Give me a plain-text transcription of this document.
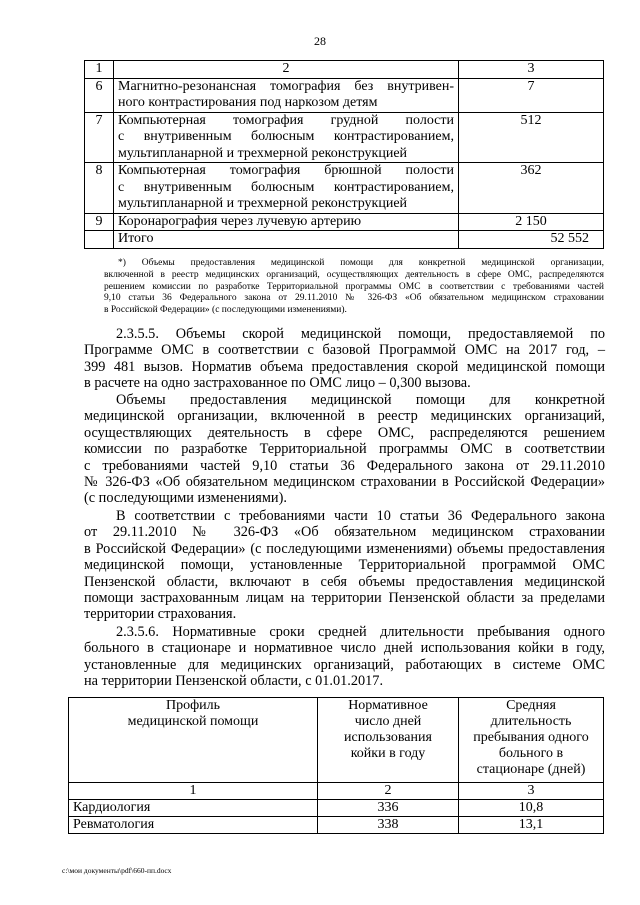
28
1	2	3
6	Магнитно-резонансная томография без внутривен-
ного контрастирования под наркозом детям	7
7	Компьютерная томография грудной полости
с внутривенным болюсным контрастированием,
мультипланарной и трехмерной реконструкцией	512
8	Компьютерная томография брюшной полости
с внутривенным болюсным контрастированием,
мультипланарной и трехмерной реконструкцией	362
9	Коронарография через лучевую артерию	2 150
	Итого	52 552
*) Объемы предоставления медицинской помощи для конкретной медицинской организации,
включенной в реестр медицинских организаций, осуществляющих деятельность в сфере ОМС, распределяются
решением комиссии по разработке Территориальной программы ОМС в соответствии с требованиями частей
9,10 статьи 36 Федерального закона от 29.11.2010 № 326-ФЗ «Об обязательном медицинском страховании
в Российской Федерации» (с последующими изменениями).
2.3.5.5. Объемы скорой медицинской помощи, предоставляемой по
Программе ОМС в соответствии с базовой Программой ОМС на 2017 год, –
399 481 вызов. Норматив объема предоставления скорой медицинской помощи
в расчете на одно застрахованное по ОМС лицо – 0,300 вызова.
Объемы предоставления медицинской помощи для конкретной
медицинской организации, включенной в реестр медицинских организаций,
осуществляющих деятельность в сфере ОМС, распределяются решением
комиссии по разработке Территориальной программы ОМС в соответствии
с требованиями частей 9,10 статьи 36 Федерального закона от 29.11.2010
№ 326-ФЗ «Об обязательном медицинском страховании в Российской Федерации»
(с последующими изменениями).
В соответствии с требованиями части 10 статьи 36 Федерального закона
от 29.11.2010 № 326-ФЗ «Об обязательном медицинском страховании
в Российской Федерации» (с последующими изменениями) объемы предоставления
медицинской помощи, установленные Территориальной программой ОМС
Пензенской области, включают в себя объемы предоставления медицинской
помощи застрахованным лицам на территории Пензенской области за пределами
территории страхования.
2.3.5.6. Нормативные сроки средней длительности пребывания одного
больного в стационаре и нормативное число дней использования койки в году,
установленные для медицинских организаций, работающих в системе ОМС
на территории Пензенской области, с 01.01.2017.
Профиль
медицинской помощи	Нормативное
число дней
использования
койки в году	Средняя
длительность
пребывания одного
больного в
стационаре (дней)
1	2	3
Кардиология	336	10,8
Ревматология	338	13,1
c:\мои документы\pdf\660-пп.docx
